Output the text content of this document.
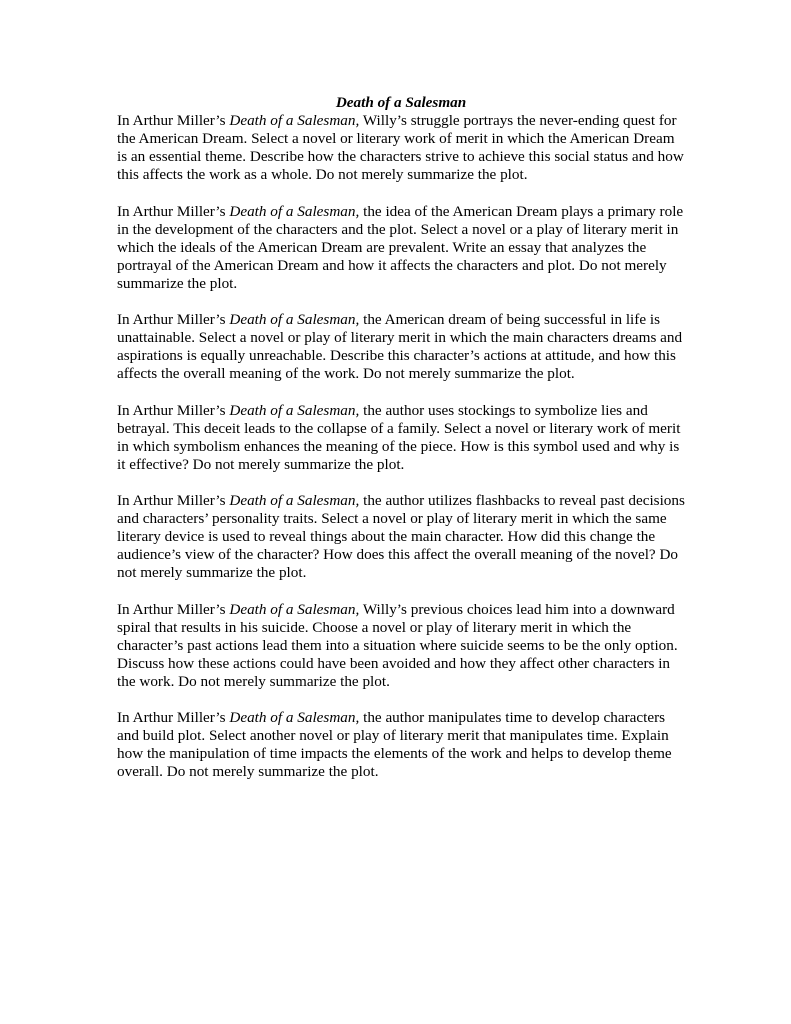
Death of a Salesman

In Arthur Miller’s Death of a Salesman, Willy’s struggle portrays the never-ending quest for the American Dream. Select a novel or literary work of merit in which the American Dream is an essential theme. Describe how the characters strive to achieve this social status and how this affects the work as a whole. Do not merely summarize the plot.

In Arthur Miller’s Death of a Salesman, the idea of the American Dream plays a primary role in the development of the characters and the plot. Select a novel or a play of literary merit in which the ideals of the American Dream are prevalent. Write an essay that analyzes the portrayal of the American Dream and how it affects the characters and plot. Do not merely summarize the plot.

In Arthur Miller’s Death of a Salesman, the American dream of being successful in life is unattainable. Select a novel or play of literary merit in which the main characters dreams and aspirations is equally unreachable. Describe this character’s actions at attitude, and how this affects the overall meaning of the work. Do not merely summarize the plot.

In Arthur Miller’s Death of a Salesman, the author uses stockings to symbolize lies and betrayal. This deceit leads to the collapse of a family. Select a novel or literary work of merit in which symbolism enhances the meaning of the piece. How is this symbol used and why is it effective? Do not merely summarize the plot.

In Arthur Miller’s Death of a Salesman, the author utilizes flashbacks to reveal past decisions and characters’ personality traits. Select a novel or play of literary merit in which the same literary device is used to reveal things about the main character. How did this change the audience’s view of the character? How does this affect the overall meaning of the novel? Do not merely summarize the plot.

In Arthur Miller’s Death of a Salesman, Willy’s previous choices lead him into a downward spiral that results in his suicide. Choose a novel or play of literary merit in which the character’s past actions lead them into a situation where suicide seems to be the only option. Discuss how these actions could have been avoided and how they affect other characters in the work. Do not merely summarize the plot.

In Arthur Miller’s Death of a Salesman, the author manipulates time to develop characters and build plot. Select another novel or play of literary merit that manipulates time. Explain how the manipulation of time impacts the elements of the work and helps to develop theme overall. Do not merely summarize the plot.
